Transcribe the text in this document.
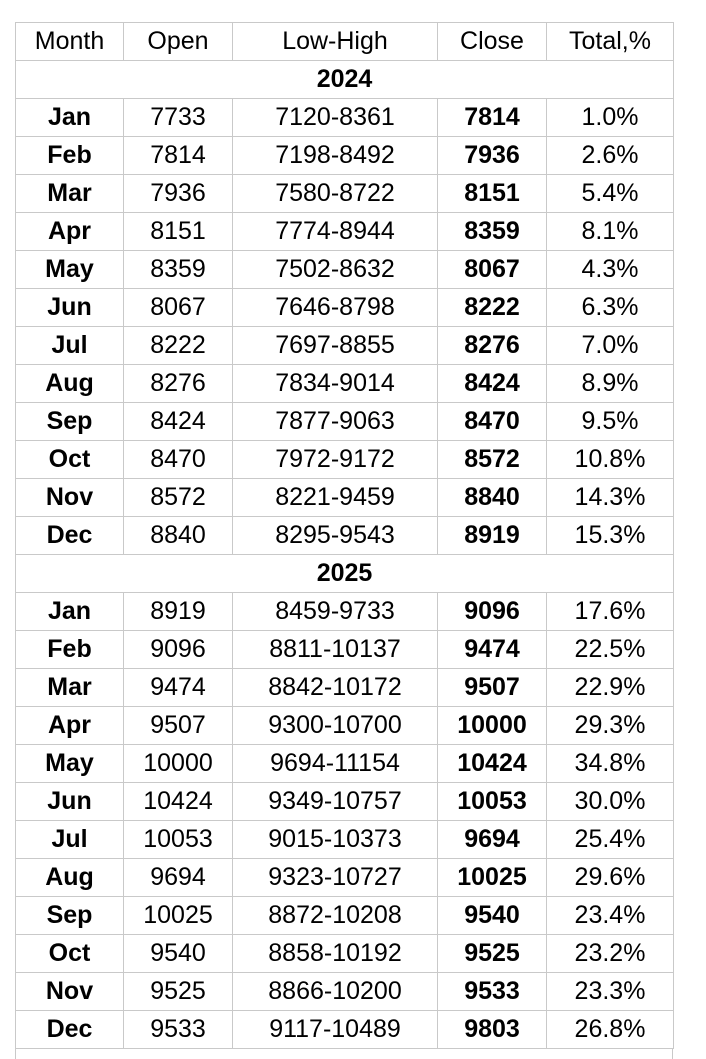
Month	Open	Low-High	Close	Total,%
2024				
Jan	7733	7120-8361	7814	1.0%
Feb	7814	7198-8492	7936	2.6%
Mar	7936	7580-8722	8151	5.4%
Apr	8151	7774-8944	8359	8.1%
May	8359	7502-8632	8067	4.3%
Jun	8067	7646-8798	8222	6.3%
Jul	8222	7697-8855	8276	7.0%
Aug	8276	7834-9014	8424	8.9%
Sep	8424	7877-9063	8470	9.5%
Oct	8470	7972-9172	8572	10.8%
Nov	8572	8221-9459	8840	14.3%
Dec	8840	8295-9543	8919	15.3%
2025				
Jan	8919	8459-9733	9096	17.6%
Feb	9096	8811-10137	9474	22.5%
Mar	9474	8842-10172	9507	22.9%
Apr	9507	9300-10700	10000	29.3%
May	10000	9694-11154	10424	34.8%
Jun	10424	9349-10757	10053	30.0%
Jul	10053	9015-10373	9694	25.4%
Aug	9694	9323-10727	10025	29.6%
Sep	10025	8872-10208	9540	23.4%
Oct	9540	8858-10192	9525	23.2%
Nov	9525	8866-10200	9533	23.3%
Dec	9533	9117-10489	9803	26.8%
